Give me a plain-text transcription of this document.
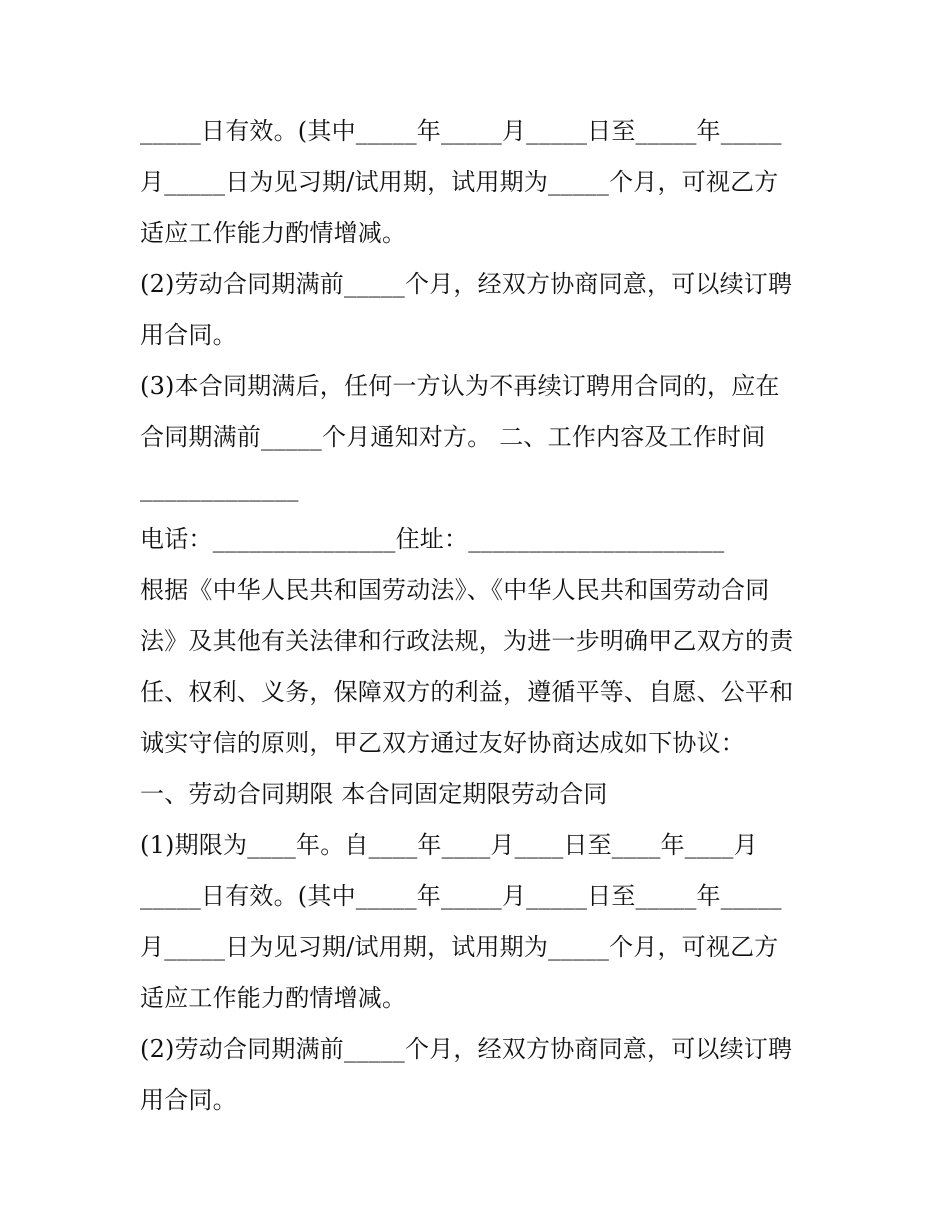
_____日有效。(其中_____年_____月_____日至_____年_____
月_____日为见习期/试用期，试用期为_____个月，可视乙方
适应工作能力酌情增减。
(2)劳动合同期满前_____个月，经双方协商同意，可以续订聘
用合同。
(3)本合同期满后，任何一方认为不再续订聘用合同的，应在
合同期满前_____个月通知对方。 二、工作内容及工作时间
_____________
电话：_______________住址：_____________________
根据《中华人民共和国劳动法》、《中华人民共和国劳动合同
法》及其他有关法律和行政法规，为进一步明确甲乙双方的责
任、权利、义务，保障双方的利益，遵循平等、自愿、公平和
诚实守信的原则，甲乙双方通过友好协商达成如下协议：
一、劳动合同期限 本合同固定期限劳动合同
(1)期限为____年。自____年____月____日至____年____月
_____日有效。(其中_____年_____月_____日至_____年_____
月_____日为见习期/试用期，试用期为_____个月，可视乙方
适应工作能力酌情增减。
(2)劳动合同期满前_____个月，经双方协商同意，可以续订聘
用合同。
